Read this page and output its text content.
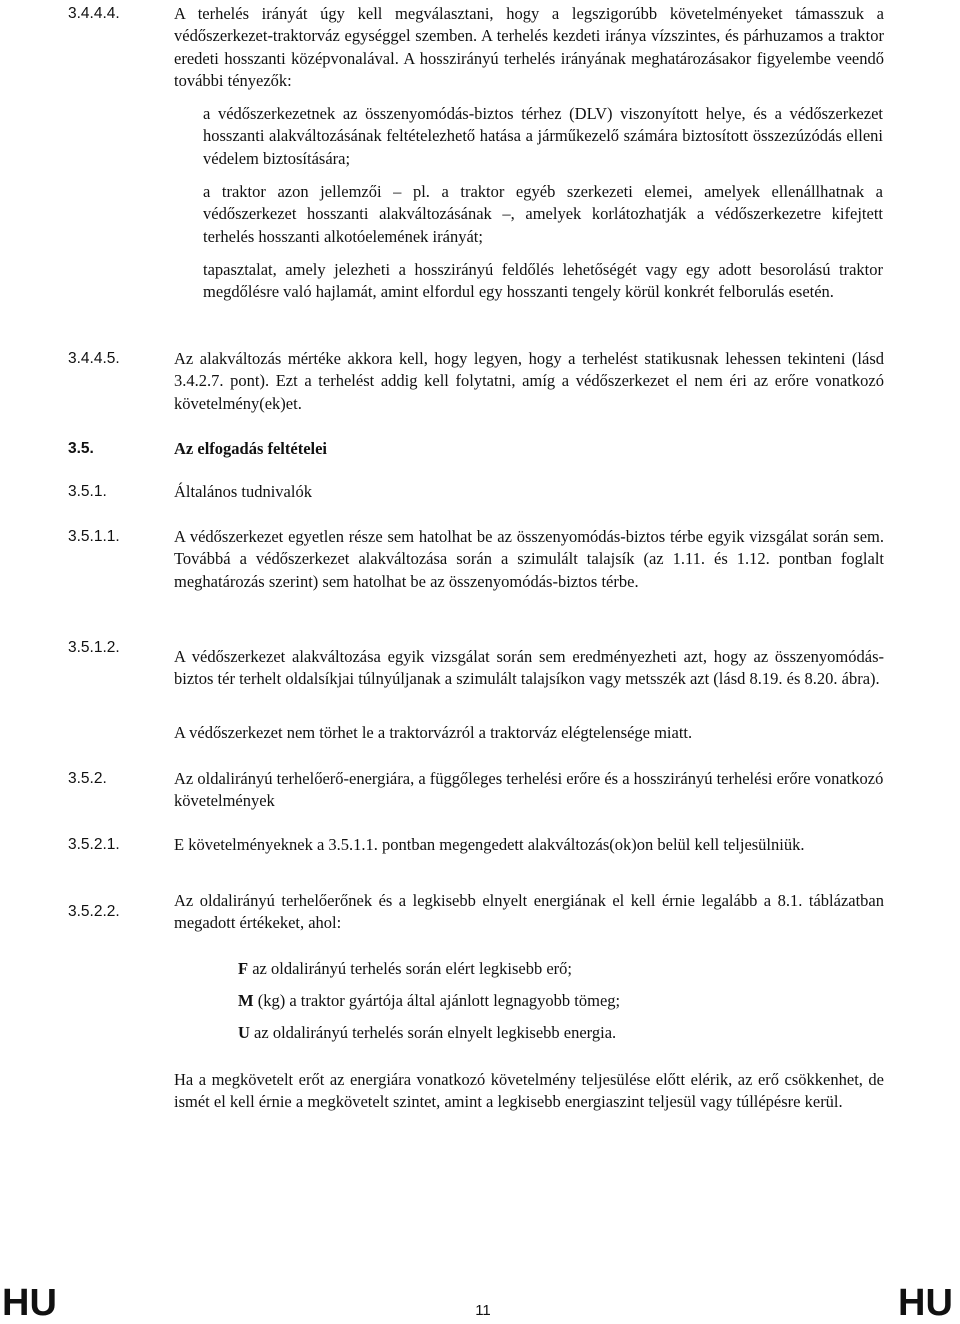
3.4.4.4.	A terhelés irányát úgy kell megválasztani, hogy a legszigorúbb követelményeket támasszuk a védőszerkezet-traktorváz egységgel szemben. A terhelés kezdeti iránya vízszintes, és párhuzamos a traktor eredeti hosszanti középvonalával. A hosszirányú terhelés irányának meghatározásakor figyelembe veendő további tényezők:
a védőszerkezetnek az összenyomódás-biztos térhez (DLV) viszonyított helye, és a védőszerkezet hosszanti alakváltozásának feltételezhető hatása a járműkezelő számára biztosított összezúzódás elleni védelem biztosítására;
a traktor azon jellemzői – pl. a traktor egyéb szerkezeti elemei, amelyek ellenállhatnak a védőszerkezet hosszanti alakváltozásának –, amelyek korlátozhatják a védőszerkezetre kifejtett terhelés hosszanti alkotóelemének irányát;
tapasztalat, amely jelezheti a hosszirányú feldőlés lehetőségét vagy egy adott besorolású traktor megdőlésre való hajlamát, amint elfordul egy hosszanti tengely körül konkrét felborulás esetén.
3.4.4.5.	Az alakváltozás mértéke akkora kell, hogy legyen, hogy a terhelést statikusnak lehessen tekinteni (lásd 3.4.2.7. pont). Ezt a terhelést addig kell folytatni, amíg a védőszerkezet el nem éri az erőre vonatkozó követelmény(ek)et.
3.5.	Az elfogadás feltételei
3.5.1.	Általános tudnivalók
3.5.1.1.	A védőszerkezet egyetlen része sem hatolhat be az összenyomódás-biztos térbe egyik vizsgálat során sem. Továbbá a védőszerkezet alakváltozása során a szimulált talajsík (az 1.11. és 1.12. pontban foglalt meghatározás szerint) sem hatolhat be az összenyomódás-biztos térbe.
3.5.1.2.	A védőszerkezet alakváltozása egyik vizsgálat során sem eredményezheti azt, hogy az összenyomódás-biztos tér terhelt oldalsíkjai túlnyúljanak a szimulált talajsíkon vagy metsszék azt (lásd 8.19. és 8.20. ábra).
A védőszerkezet nem törhet le a traktorvázról a traktorváz elégtelensége miatt.
3.5.2.	Az oldalirányú terhelőerő-energiára, a függőleges terhelési erőre és a hosszirányú terhelési erőre vonatkozó követelmények
3.5.2.1.	E követelményeknek a 3.5.1.1. pontban megengedett alakváltozás(ok)on belül kell teljesülniük.
3.5.2.2.
Az oldalirányú terhelőerőnek és a legkisebb elnyelt energiának el kell érnie legalább a 8.1. táblázatban megadott értékeket, ahol:
F az oldalirányú terhelés során elért legkisebb erő;
M (kg) a traktor gyártója által ajánlott legnagyobb tömeg;
U az oldalirányú terhelés során elnyelt legkisebb energia.
Ha a megkövetelt erőt az energiára vonatkozó követelmény teljesülése előtt elérik, az erő csökkenhet, de ismét el kell érnie a megkövetelt szintet, amint a legkisebb energiaszint teljesül vagy túllépésre kerül.
HU	11	HU
